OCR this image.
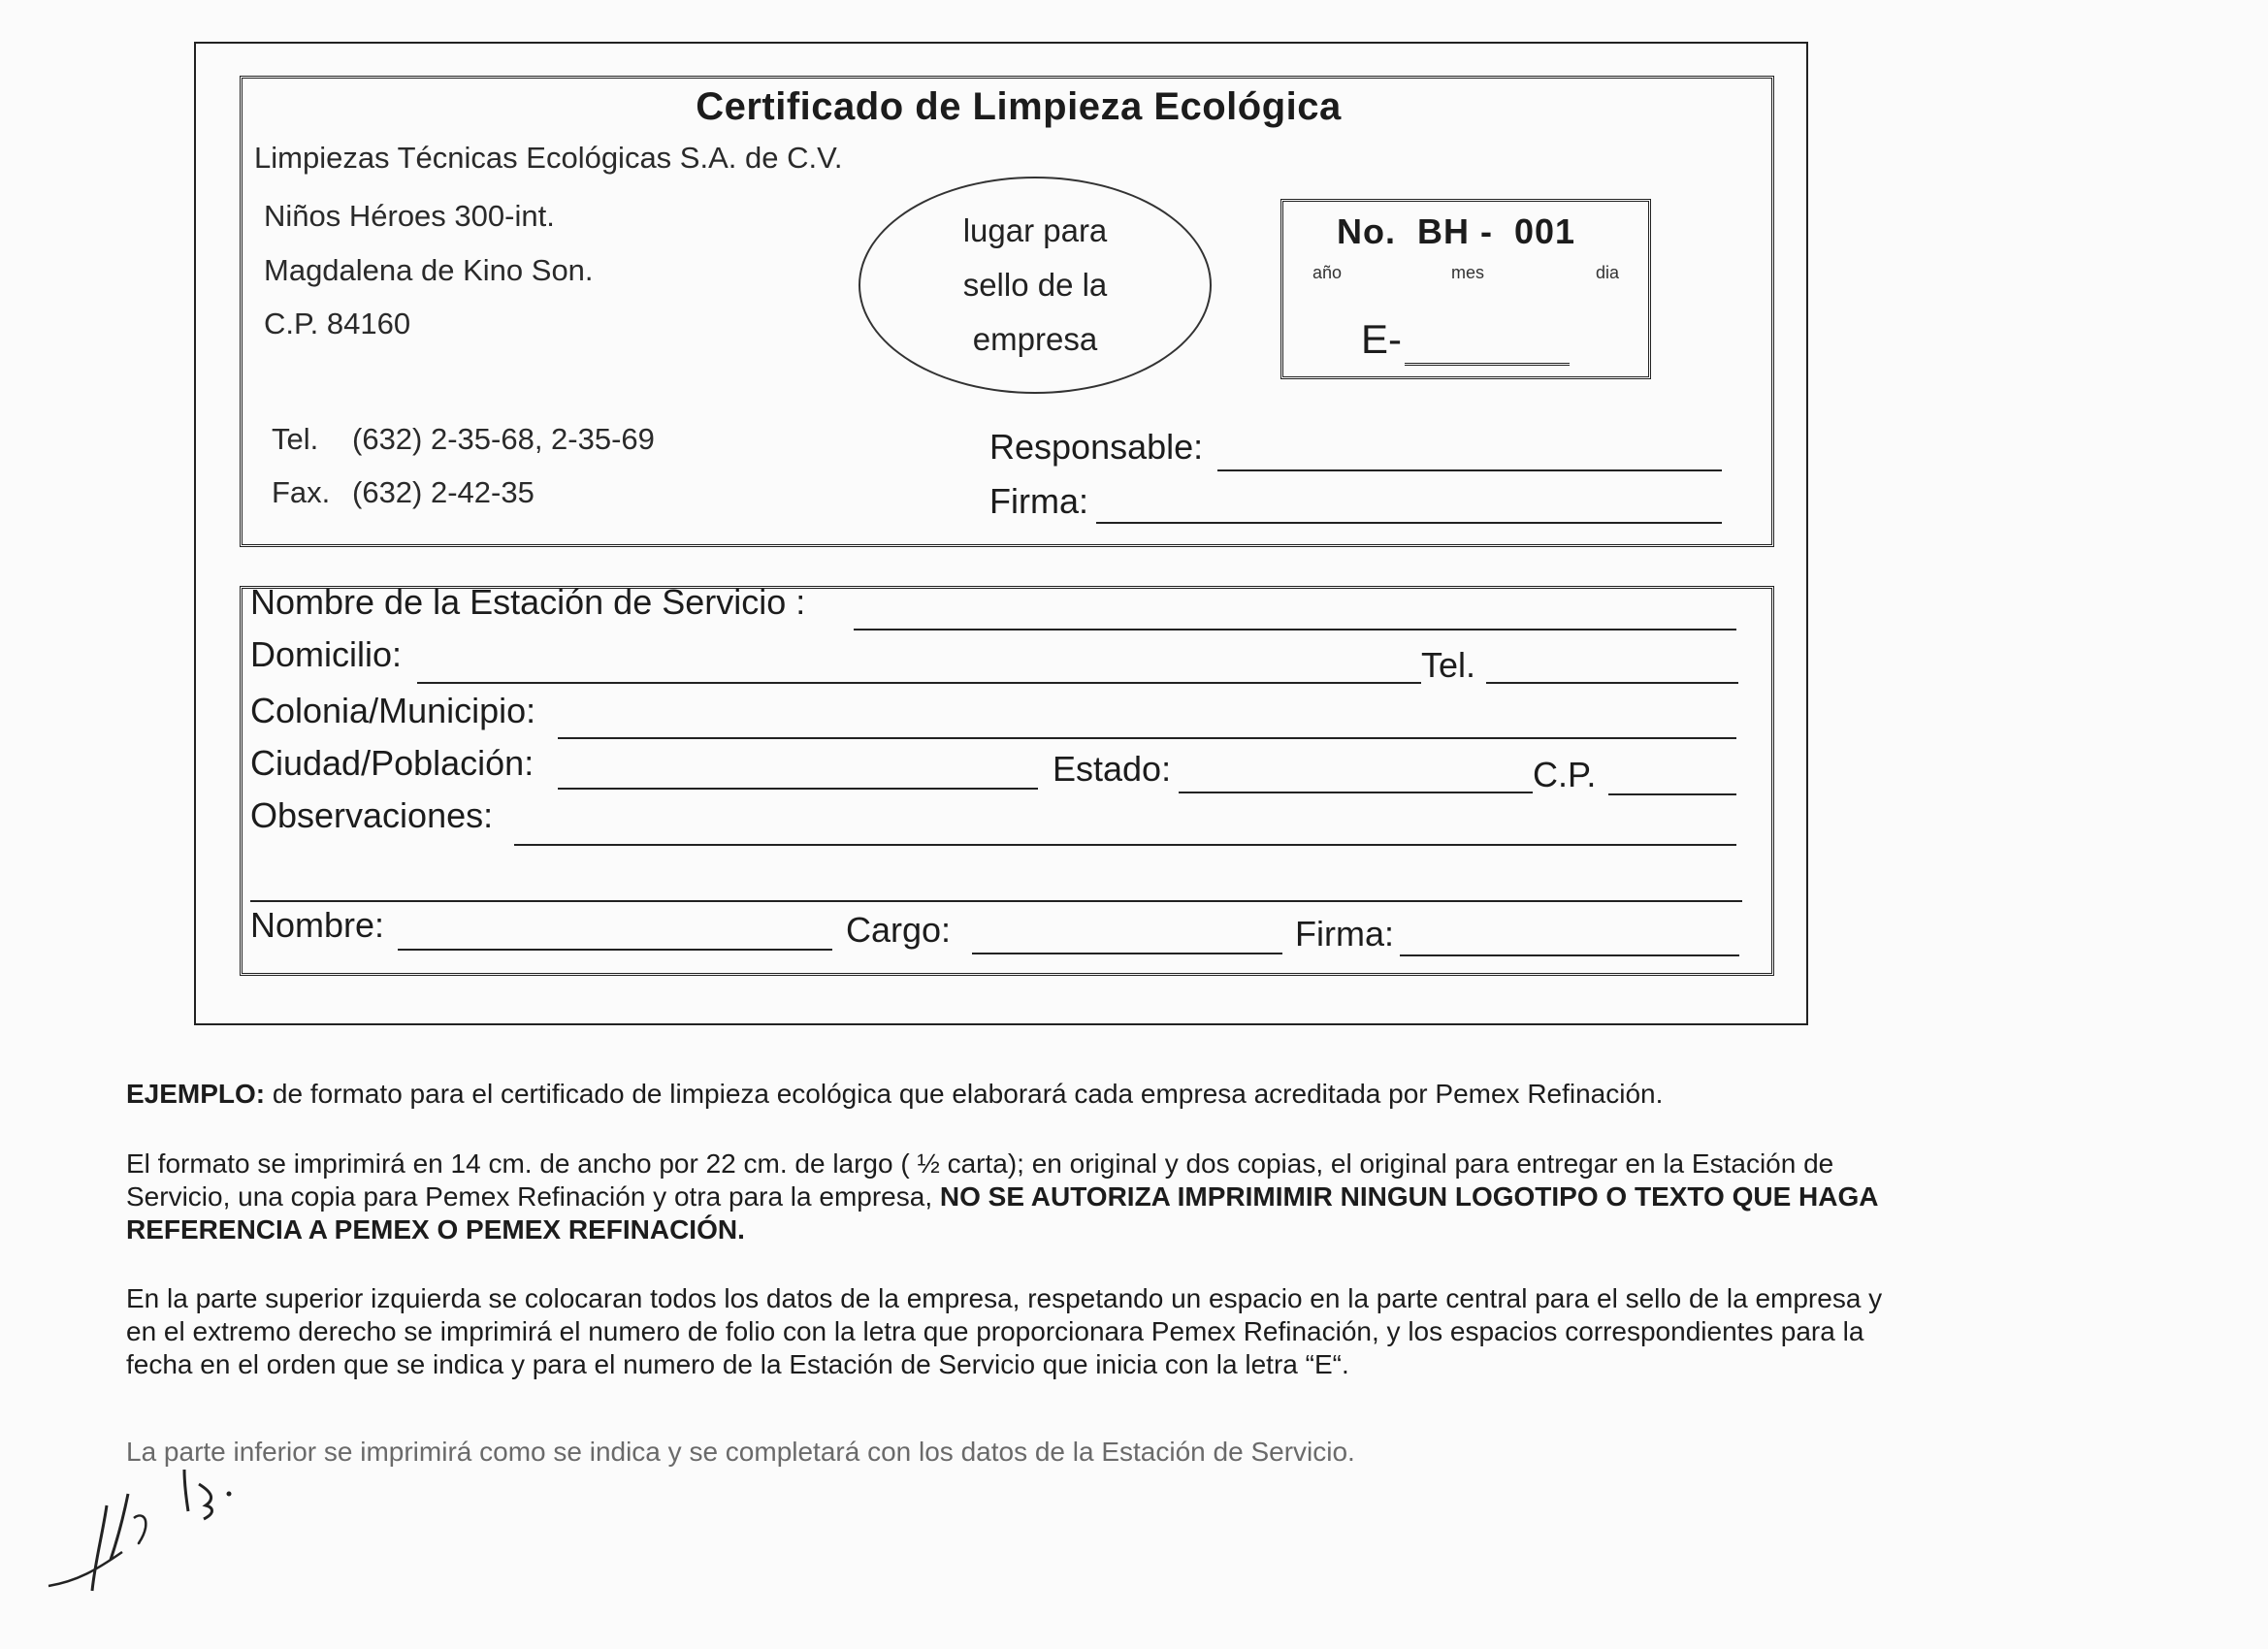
Certificado de Limpieza Ecológica
Limpiezas Técnicas Ecológicas S.A. de C.V.
Niños Héroes 300-int.
Magdalena de Kino Son.
C.P. 84160
Tel. (632) 2-35-68, 2-35-69
Fax. (632) 2-42-35
lugar para
sello de la
empresa
No.  BH -  001
año	mes	dia
E-
Responsable:
Firma:
Nombre de la Estación de Servicio :
Domicilio:	Tel.
Colonia/Municipio:
Ciudad/Población:	Estado:	C.P.
Observaciones:
Nombre:	Cargo:	Firma:
EJEMPLO: de formato para el certificado de limpieza ecológica que elaborará cada empresa acreditada por Pemex Refinación.
El formato se imprimirá en 14 cm. de ancho por 22 cm. de largo ( ½ carta); en original y dos copias, el original para entregar en la Estación de
Servicio, una copia para Pemex Refinación y otra para la empresa, NO SE AUTORIZA IMPRIMIMIR NINGUN LOGOTIPO O TEXTO QUE HAGA
REFERENCIA A PEMEX O PEMEX REFINACIÓN.
En la parte superior izquierda se colocaran todos los datos de la empresa, respetando un espacio en la parte central para el sello de la empresa y
en el extremo derecho se imprimirá el numero de folio con la letra que proporcionara Pemex Refinación, y los espacios correspondientes para la
fecha en el orden que se indica y para el numero de la Estación de Servicio que inicia con la letra “E“.
La parte inferior se imprimirá como se indica y se completará con los datos de la Estación de Servicio.
